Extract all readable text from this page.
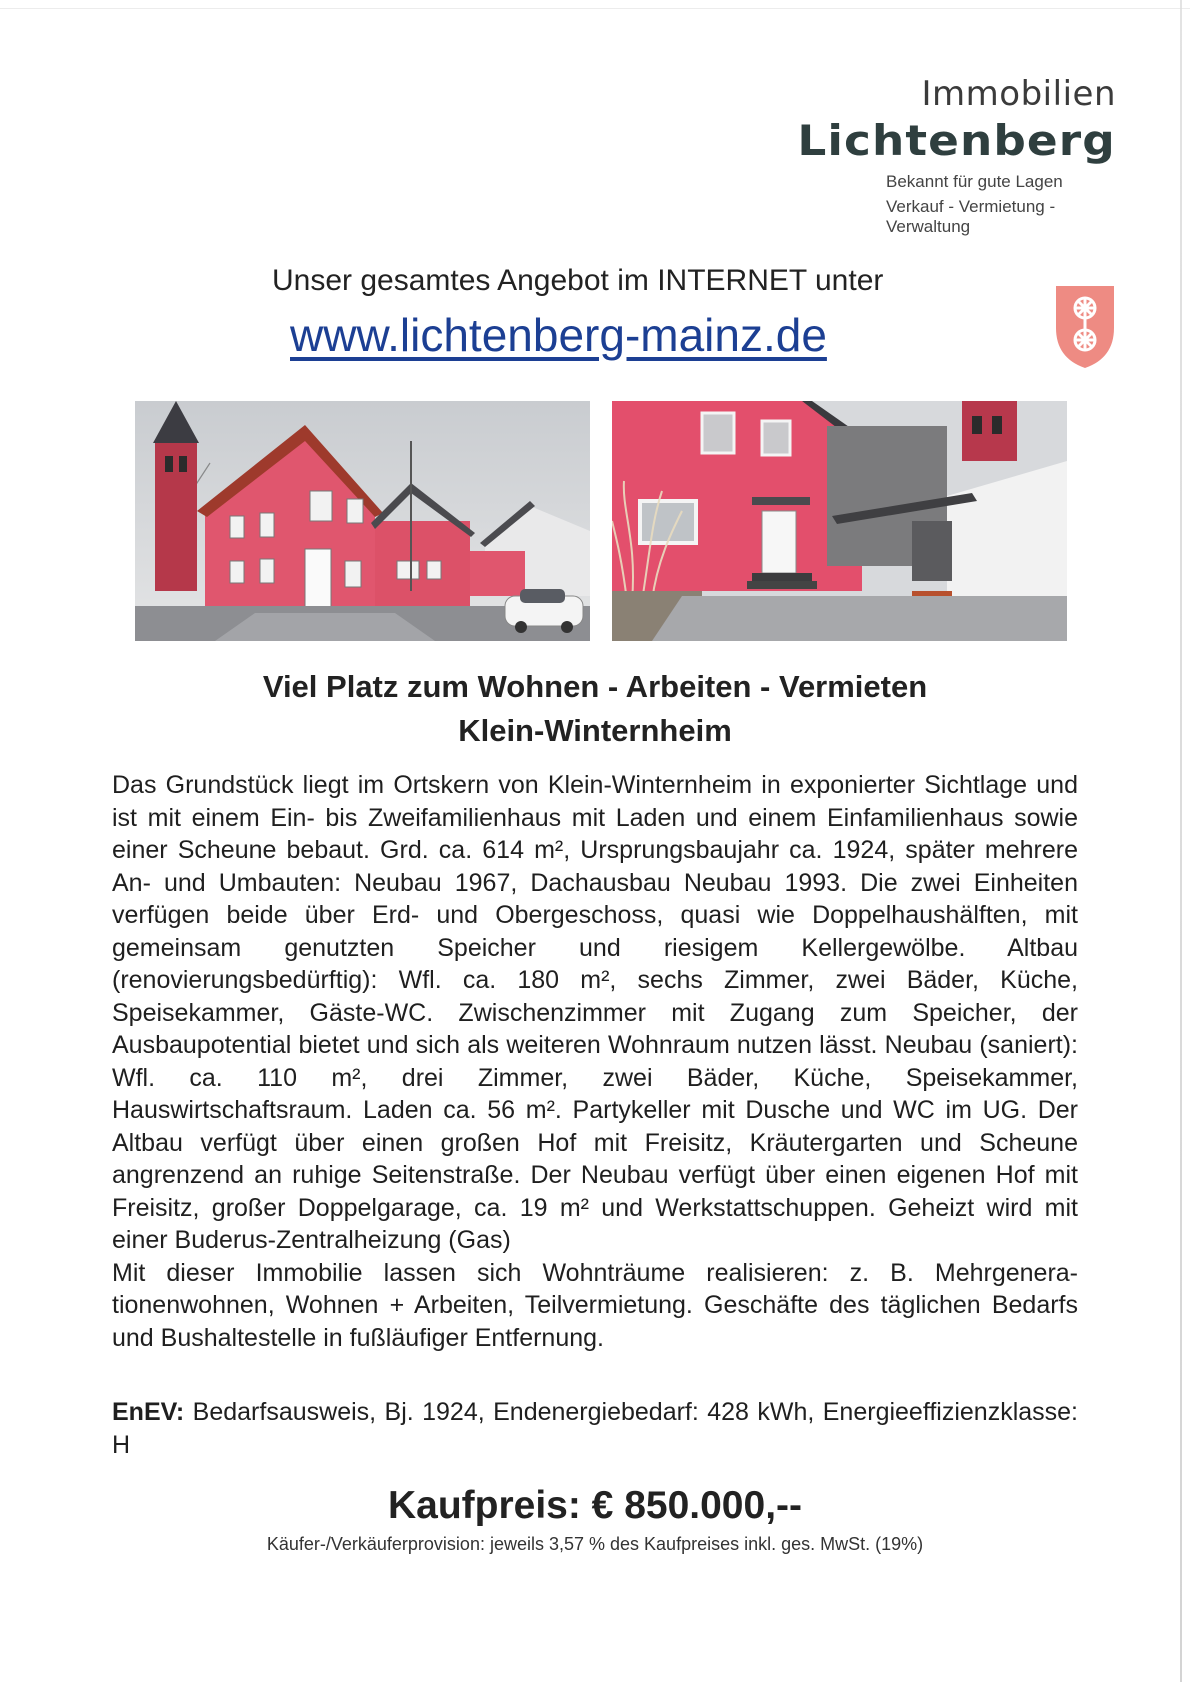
Immobilien
Lichtenberg
Bekannt für gute Lagen
Verkauf - Vermietung - Verwaltung
Unser gesamtes Angebot im INTERNET unter
www.lichtenberg-mainz.de
Viel Platz zum Wohnen - Arbeiten - Vermieten
Klein-Winternheim

Das Grundstück liegt im Ortskern von Klein-Winternheim in exponierter Sichtlage und ist mit einem Ein- bis Zweifamilienhaus mit Laden und einem Einfamilienhaus sowie einer Scheune bebaut. Grd. ca. 614 m², Ursprungsbaujahr ca. 1924, später mehrere An- und Umbauten: Neubau 1967, Dachausbau Neubau 1993. Die zwei Einheiten verfügen beide über Erd- und Obergeschoss, quasi wie Doppelhaushälften, mit gemeinsam genutzten Speicher und riesigem Kellergewölbe. Altbau (renovierungsbedürftig): Wfl. ca. 180 m², sechs Zimmer, zwei Bäder, Küche, Speisekammer, Gäste-WC. Zwischenzimmer mit Zugang zum Speicher, der Ausbaupotential bietet und sich als weiteren Wohnraum nutzen lässt. Neubau (saniert): Wfl. ca. 110 m², drei Zimmer, zwei Bäder, Küche, Speisekammer, Hauswirtschaftsraum. Laden ca. 56 m². Partykeller mit Dusche und WC im UG. Der Altbau verfügt über einen großen Hof mit Freisitz, Kräutergarten und Scheune angrenzend an ruhige Seitenstraße. Der Neubau verfügt über einen eigenen Hof mit Freisitz, großer Doppelgarage, ca. 19 m² und Werkstattschuppen. Geheizt wird mit einer Buderus-Zentralheizung (Gas)

Mit dieser Immobilie lassen sich Wohnträume realisieren: z. B. Mehrgenerationenwohnen, Wohnen + Arbeiten, Teilvermietung. Geschäfte des täglichen Bedarfs und Bushaltestelle in fußläufiger Entfernung.

EnEV: Bedarfsausweis, Bj. 1924, Endenergiebedarf: 428 kWh, Energieeffizienzklasse: H
Kaufpreis: € 850.000,--
Käufer-/Verkäuferprovision: jeweils 3,57 % des Kaufpreises inkl. ges. MwSt. (19%)
